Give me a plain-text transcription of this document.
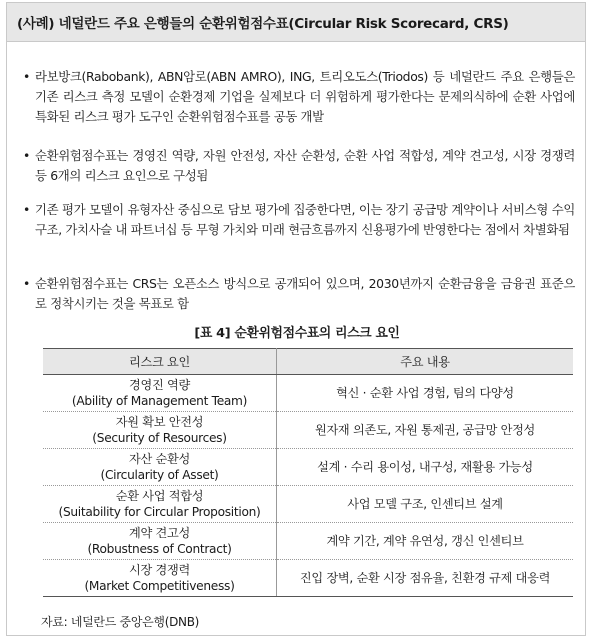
(사례) 네덜란드 주요 은행들의 순환위험점수표(Circular Risk Scorecard, CRS)
• 라보방크(Rabobank), ABN암로(ABN AMRO), ING, 트리오도스(Triodos) 등 네덜란드 주요 은행들은 기존 리스크 측정 모델이 순환경제 기업을 실제보다 더 위험하게 평가한다는 문제의식하에 순환 사업에 특화된 리스크 평가 도구인 순환위험점수표를 공동 개발
• 순환위험점수표는 경영진 역량, 자원 안전성, 자산 순환성, 순환 사업 적합성, 계약 견고성, 시장 경쟁력 등 6개의 리스크 요인으로 구성됨
• 기존 평가 모델이 유형자산 중심으로 담보 평가에 집중한다면, 이는 장기 공급망 계약이나 서비스형 수익 구조, 가치사슬 내 파트너십 등 무형 가치와 미래 현금흐름까지 신용평가에 반영한다는 점에서 차별화됨
• 순환위험점수표는 CRS는 오픈소스 방식으로 공개되어 있으며, 2030년까지 순환금융을 금융권 표준으로 정착시키는 것을 목표로 함
[표 4] 순환위험점수표의 리스크 요인
리스크 요인	주요 내용

경영진 역량
(Ability of Management Team)	혁신 · 순환 사업 경험, 팀의 다양성

자원 확보 안전성
(Security of Resources)	원자재 의존도, 자원 통제권, 공급망 안정성

자산 순환성
(Circularity of Asset)	설계 · 수리 용이성, 내구성, 재활용 가능성

순환 사업 적합성
(Suitability for Circular Proposition)	사업 모델 구조, 인센티브 설계

계약 견고성
(Robustness of Contract)	계약 기간, 계약 유연성, 갱신 인센티브

시장 경쟁력
(Market Competitiveness)	진입 장벽, 순환 시장 점유율, 친환경 규제 대응력
자료: 네덜란드 중앙은행(DNB)
